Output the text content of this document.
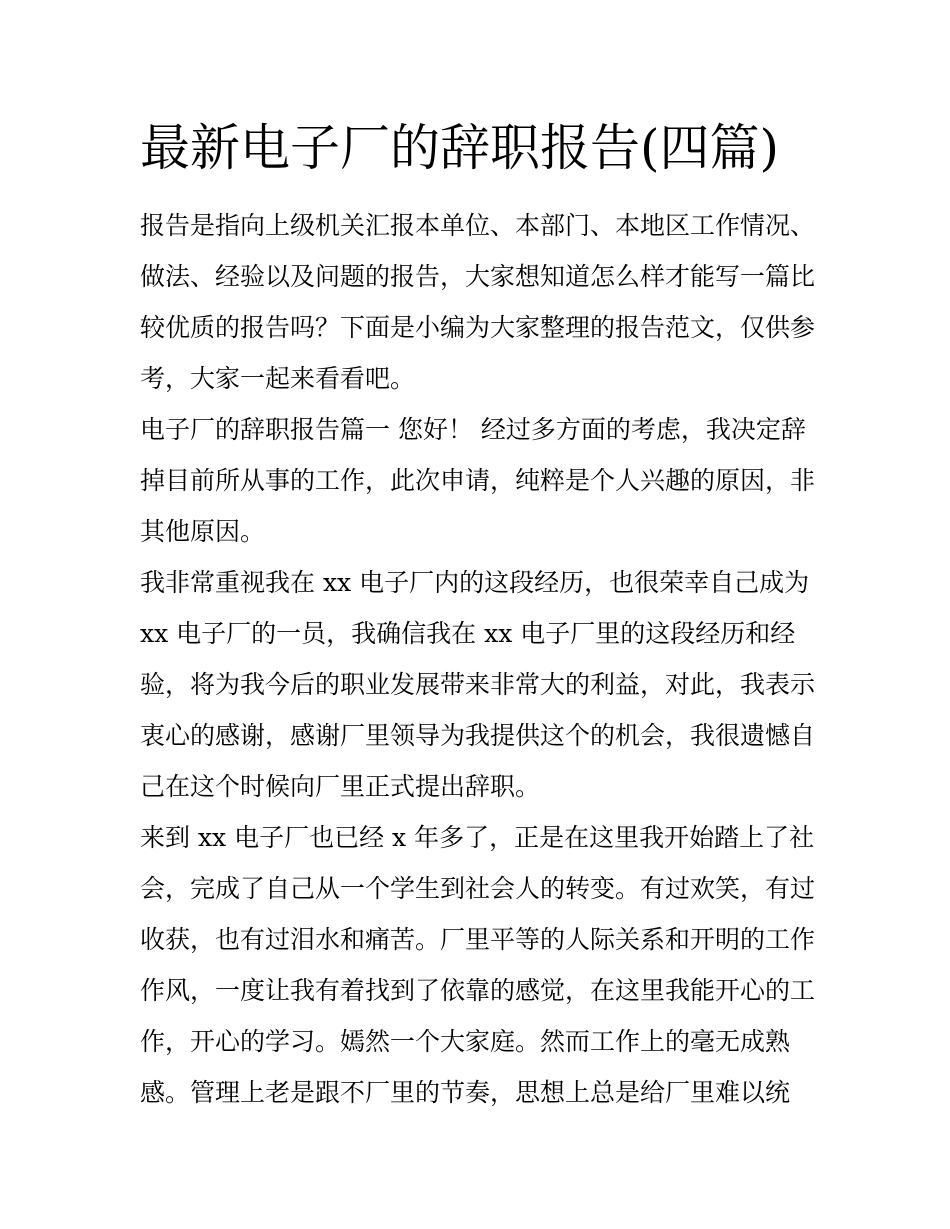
最新电子厂的辞职报告(四篇)

报告是指向上级机关汇报本单位、本部门、本地区工作情况、

做法、经验以及问题的报告，大家想知道怎么样才能写一篇比

较优质的报告吗？下面是小编为大家整理的报告范文，仅供参

考，大家一起来看看吧。

电子厂的辞职报告篇一 您好！ 经过多方面的考虑，我决定辞

掉目前所从事的工作，此次申请，纯粹是个人兴趣的原因，非

其他原因。

我非常重视我在 xx 电子厂内的这段经历，也很荣幸自己成为

xx 电子厂的一员，我确信我在 xx 电子厂里的这段经历和经

验，将为我今后的职业发展带来非常大的利益，对此，我表示

衷心的感谢，感谢厂里领导为我提供这个的机会，我很遗憾自

己在这个时候向厂里正式提出辞职。

来到 xx 电子厂也已经 x 年多了，正是在这里我开始踏上了社

会，完成了自己从一个学生到社会人的转变。有过欢笑，有过

收获，也有过泪水和痛苦。厂里平等的人际关系和开明的工作

作风，一度让我有着找到了依靠的感觉，在这里我能开心的工

作，开心的学习。嫣然一个大家庭。然而工作上的毫无成熟

感。管理上老是跟不厂里的节奏，思想上总是给厂里难以统
